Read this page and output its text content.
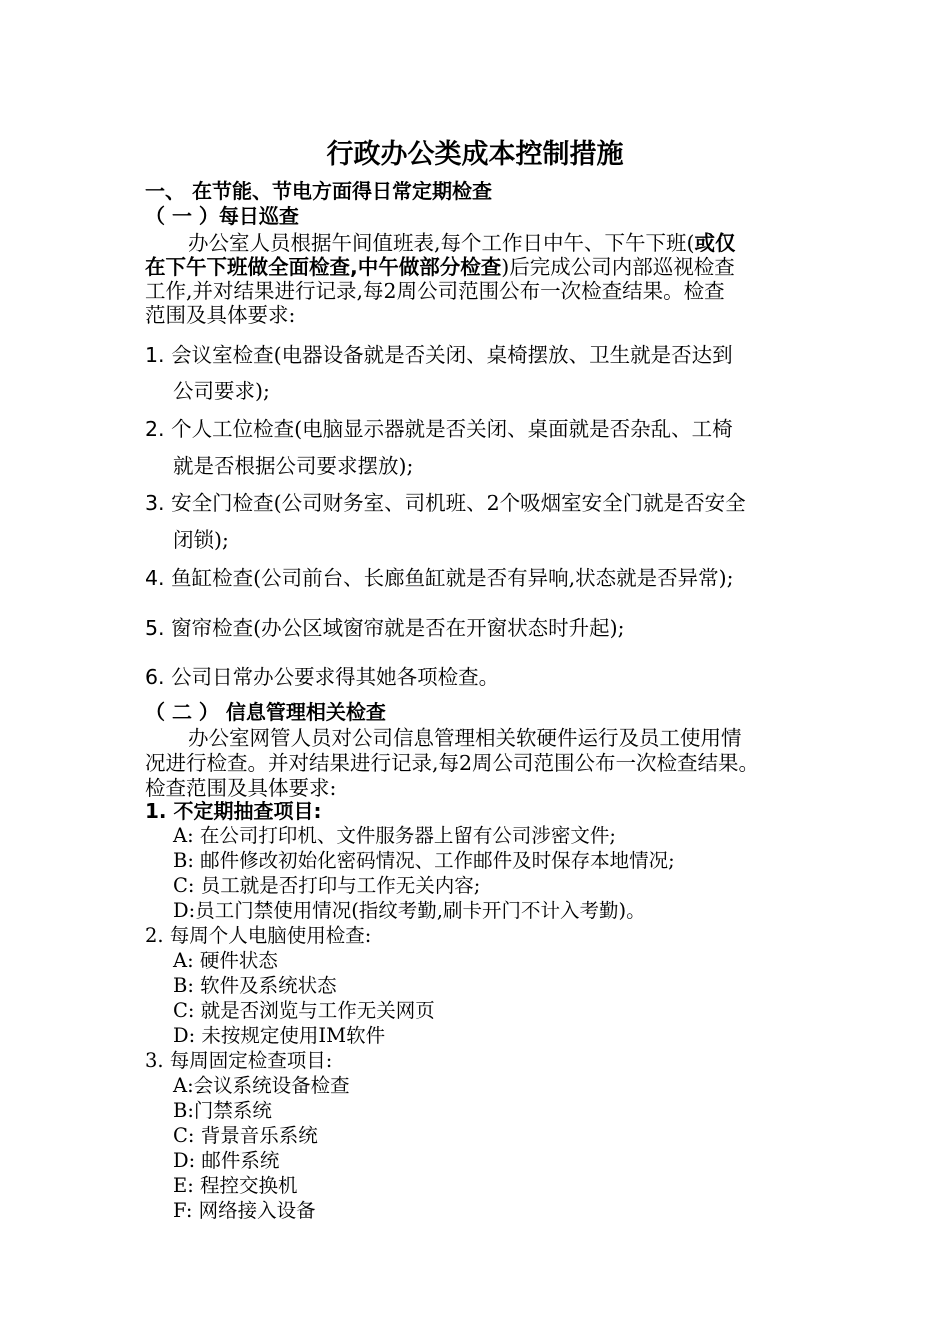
行政办公类成本控制措施
一、 在节能、节电方面得日常定期检查
（ 一 ）每日巡查
办公室人员根据午间值班表,每个工作日中午、下午下班(或仅
在下午下班做全面检查,中午做部分检查)后完成公司内部巡视检查
工作,并对结果进行记录,每2周公司范围公布一次检查结果。检查
范围及具体要求:
1. 会议室检查(电器设备就是否关闭、桌椅摆放、卫生就是否达到
公司要求);
2. 个人工位检查(电脑显示器就是否关闭、桌面就是否杂乱、工椅
就是否根据公司要求摆放);
3. 安全门检查(公司财务室、司机班、2个吸烟室安全门就是否安全
闭锁);
4. 鱼缸检查(公司前台、长廊鱼缸就是否有异响,状态就是否异常);
5. 窗帘检查(办公区域窗帘就是否在开窗状态时升起);
6. 公司日常办公要求得其她各项检查。
（ 二 ） 信息管理相关检查
办公室网管人员对公司信息管理相关软硬件运行及员工使用情
况进行检查。并对结果进行记录,每2周公司范围公布一次检查结果。
检查范围及具体要求:
1. 不定期抽查项目:
A: 在公司打印机、文件服务器上留有公司涉密文件;
B: 邮件修改初始化密码情况、工作邮件及时保存本地情况;
C: 员工就是否打印与工作无关内容;
D:员工门禁使用情况(指纹考勤,刷卡开门不计入考勤)。
2. 每周个人电脑使用检查:
A: 硬件状态
B: 软件及系统状态
C: 就是否浏览与工作无关网页
D: 未按规定使用IM软件
3. 每周固定检查项目:
A:会议系统设备检查
B:门禁系统
C: 背景音乐系统
D: 邮件系统
E: 程控交换机
F: 网络接入设备
